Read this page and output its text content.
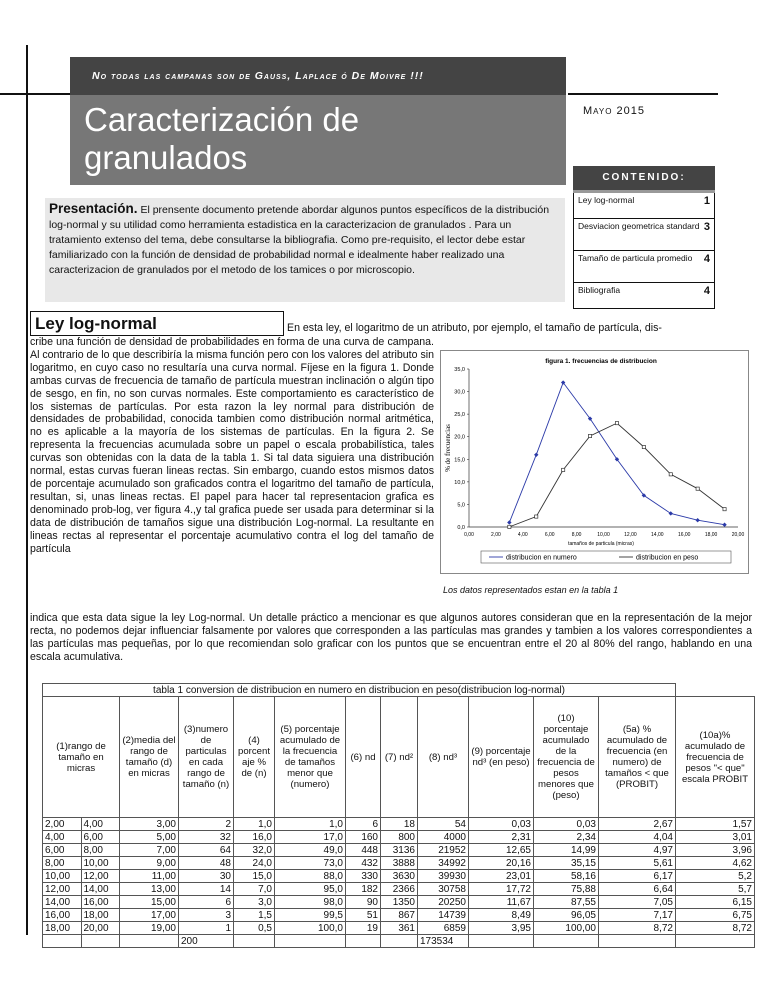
No todas las campanas son de Gauss, Laplace ó De Moivre !!!
Caracterización de
granulados
Mayo 2015
CONTENIDO:
Ley log-normal	1
Desviacion geometrica standard 3
Tamaño de particula promedio 4
Bibliografia	4
Presentación. El prensente documento pretende abordar algunos puntos específicos de la distribución log-normal y su utilidad como herramienta estadistica en la caracterizacion de granulados . Para un tratamiento extenso del tema, debe consultarse la bibliografia. Como pre-requisito, el lector debe estar familiarizado con la función de densidad de probabilidad normal e idealmente haber realizado una caracterizacion de granulados por el metodo de los tamices o por microscopio.
Ley log-normal	En esta ley, el logaritmo de un atributo, por ejemplo, el tamaño de partícula, dis-
cribe una función de densidad de probabilidades en forma de una curva de campana. Al contrario de lo que describiría la misma función pero con los valores del atributo sin logaritmo, en cuyo caso no resultaría una curva normal. Fíjese en la figura 1. Donde ambas curvas de frecuencia de tamaño de partícula muestran inclinación o algún tipo de sesgo, en fin, no son curvas normales. Este comportamiento es característico de los sistemas de partículas. Por esta razon la ley normal para distribución de densidades de probabilidad, conocida tambien como distribución normal aritmética, no es aplicable a la mayoría de los sistemas de partículas. En la figura 2. Se representa la frecuencias acumulada sobre un papel o escala probabilística, tales curvas son obtenidas con la data de la tabla 1. Si tal data siguiera una distribución normal, estas curvas fueran lineas rectas. Sin embargo, cuando estos mismos datos de porcentaje acumulado son graficados contra el logaritmo del tamaño de partícula, resultan, si, unas lineas rectas. El papel para hacer tal representacion grafica es denominado prob-log, ver figura 4.,y tal grafica puede ser usada para determinar si la data de distribución de tamaños sigue una distribución Log-normal. La resultante en lineas rectas al representar el porcentaje acumulativo contra el log del tamaño de partícula
indica que esta data sigue la ley Log-normal. Un detalle práctico a mencionar es que algunos autores consideran que en la representación de la mejor recta, no podemos dejar influenciar falsamente por valores que corresponden a las partículas mas grandes y tambien a los valores correspondientes a las partículas mas pequeñas, por lo que recomiendan solo graficar con los puntos que se encuentran entre el 20 al 80% del rango, hablando en una escala acumulativa.
figura 1. frecuencias de distribucion
0,0
5,0
10,0
15,0
20,0
25,0
30,0
35,0
0,00	2,00	4,00	6,00	8,00	10,00	12,00	14,00	16,00	18,00	20,00
tamaños de particula (micras)
% de frecuencias
distribucion en numero	distribucion en peso
Los datos representados estan en la tabla 1
tabla 1 conversion de distribucion en numero en distribucion en peso(distribucion log-normal)												
(1)rango de tamaño en micras		(2)media del rango de tamaño (d) en micras	(3)numero de particulas en cada rango de tamaño (n)	(4) porcent aje % de (n)	(5) porcentaje acumulado de la frecuencia de tamaños menor que (numero)	(6) nd	(7) nd²	(8) nd³	(9) porcentaje nd³ (en peso)	(10) porcentaje acumulado de la frecuencia de pesos menores que (peso)	(5a) % acumulado de frecuencia (en numero) de tamaños < que (PROBIT)	(10a)% acumulado de frecuencia de pesos "< que" escala PROBIT
2,00	4,00	3,00	2	1,0	1,0	6	18	54	0,03	0,03	2,67	1,57
4,00	6,00	5,00	32	16,0	17,0	160	800	4000	2,31	2,34	4,04	3,01
6,00	8,00	7,00	64	32,0	49,0	448	3136	21952	12,65	14,99	4,97	3,96
8,00	10,00	9,00	48	24,0	73,0	432	3888	34992	20,16	35,15	5,61	4,62
10,00	12,00	11,00	30	15,0	88,0	330	3630	39930	23,01	58,16	6,17	5,2
12,00	14,00	13,00	14	7,0	95,0	182	2366	30758	17,72	75,88	6,64	5,7
14,00	16,00	15,00	6	3,0	98,0	90	1350	20250	11,67	87,55	7,05	6,15
16,00	18,00	17,00	3	1,5	99,5	51	867	14739	8,49	96,05	7,17	6,75
18,00	20,00	19,00	1	0,5	100,0	19	361	6859	3,95	100,00	8,72	8,72
			200					173534				
